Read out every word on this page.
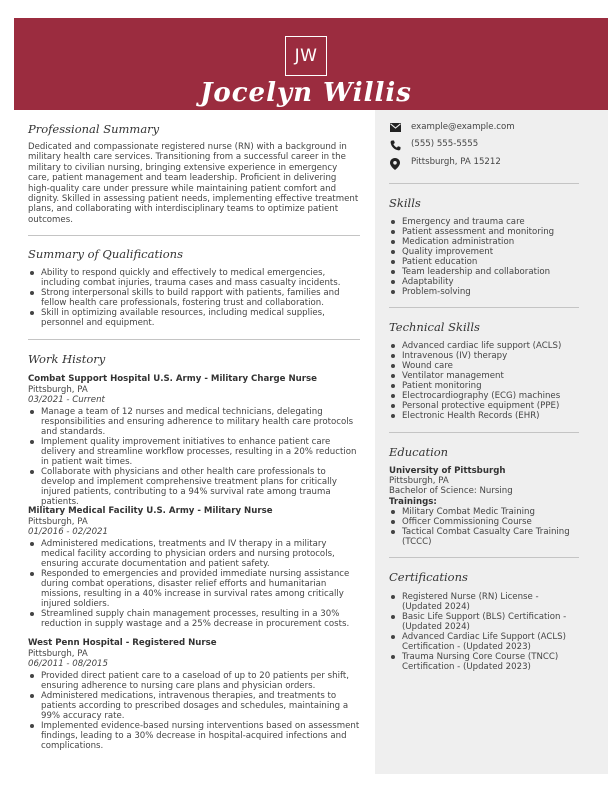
JW
Jocelyn Willis
Professional Summary
Dedicated and compassionate registered nurse (RN) with a background in military health care services. Transitioning from a successful career in the military to civilian nursing, bringing extensive experience in emergency care, patient management and team leadership. Proficient in delivering high-quality care under pressure while maintaining patient comfort and dignity. Skilled in assessing patient needs, implementing effective treatment plans, and collaborating with interdisciplinary teams to optimize patient outcomes.
Summary of Qualifications
Ability to respond quickly and effectively to medical emergencies, including combat injuries, trauma cases and mass casualty incidents.
Strong interpersonal skills to build rapport with patients, families and fellow health care professionals, fostering trust and collaboration.
Skill in optimizing available resources, including medical supplies, personnel and equipment.
Work History
Combat Support Hospital U.S. Army - Military Charge Nurse
Pittsburgh, PA
03/2021 - Current
Manage a team of 12 nurses and medical technicians, delegating responsibilities and ensuring adherence to military health care protocols and standards.
Implement quality improvement initiatives to enhance patient care delivery and streamline workflow processes, resulting in a 20% reduction in patient wait times.
Collaborate with physicians and other health care professionals to develop and implement comprehensive treatment plans for critically injured patients, contributing to a 94% survival rate among trauma patients.
Military Medical Facility U.S. Army - Military Nurse
Pittsburgh, PA
01/2016 - 02/2021
Administered medications, treatments and IV therapy in a military medical facility according to physician orders and nursing protocols, ensuring accurate documentation and patient safety.
Responded to emergencies and provided immediate nursing assistance during combat operations, disaster relief efforts and humanitarian missions, resulting in a 40% increase in survival rates among critically injured soldiers.
Streamlined supply chain management processes, resulting in a 30% reduction in supply wastage and a 25% decrease in procurement costs.
West Penn Hospital - Registered Nurse
Pittsburgh, PA
06/2011 - 08/2015
Provided direct patient care to a caseload of up to 20 patients per shift, ensuring adherence to nursing care plans and physician orders.
Administered medications, intravenous therapies, and treatments to patients according to prescribed dosages and schedules, maintaining a 99% accuracy rate.
Implemented evidence-based nursing interventions based on assessment findings, leading to a 30% decrease in hospital-acquired infections and complications.
example@example.com
(555) 555-5555
Pittsburgh, PA 15212
Skills
Emergency and trauma care
Patient assessment and monitoring
Medication administration
Quality improvement
Patient education
Team leadership and collaboration
Adaptability
Problem-solving
Technical Skills
Advanced cardiac life support (ACLS)
Intravenous (IV) therapy
Wound care
Ventilator management
Patient monitoring
Electrocardiography (ECG) machines
Personal protective equipment (PPE)
Electronic Health Records (EHR)
Education
University of Pittsburgh
Pittsburgh, PA
Bachelor of Science: Nursing
Trainings:
Military Combat Medic Training
Officer Commissioning Course
Tactical Combat Casualty Care Training (TCCC)
Certifications
Registered Nurse (RN) License - (Updated 2024)
Basic Life Support (BLS) Certification - (Updated 2024)
Advanced Cardiac Life Support (ACLS) Certification - (Updated 2023)
Trauma Nursing Core Course (TNCC) Certification - (Updated 2023)
